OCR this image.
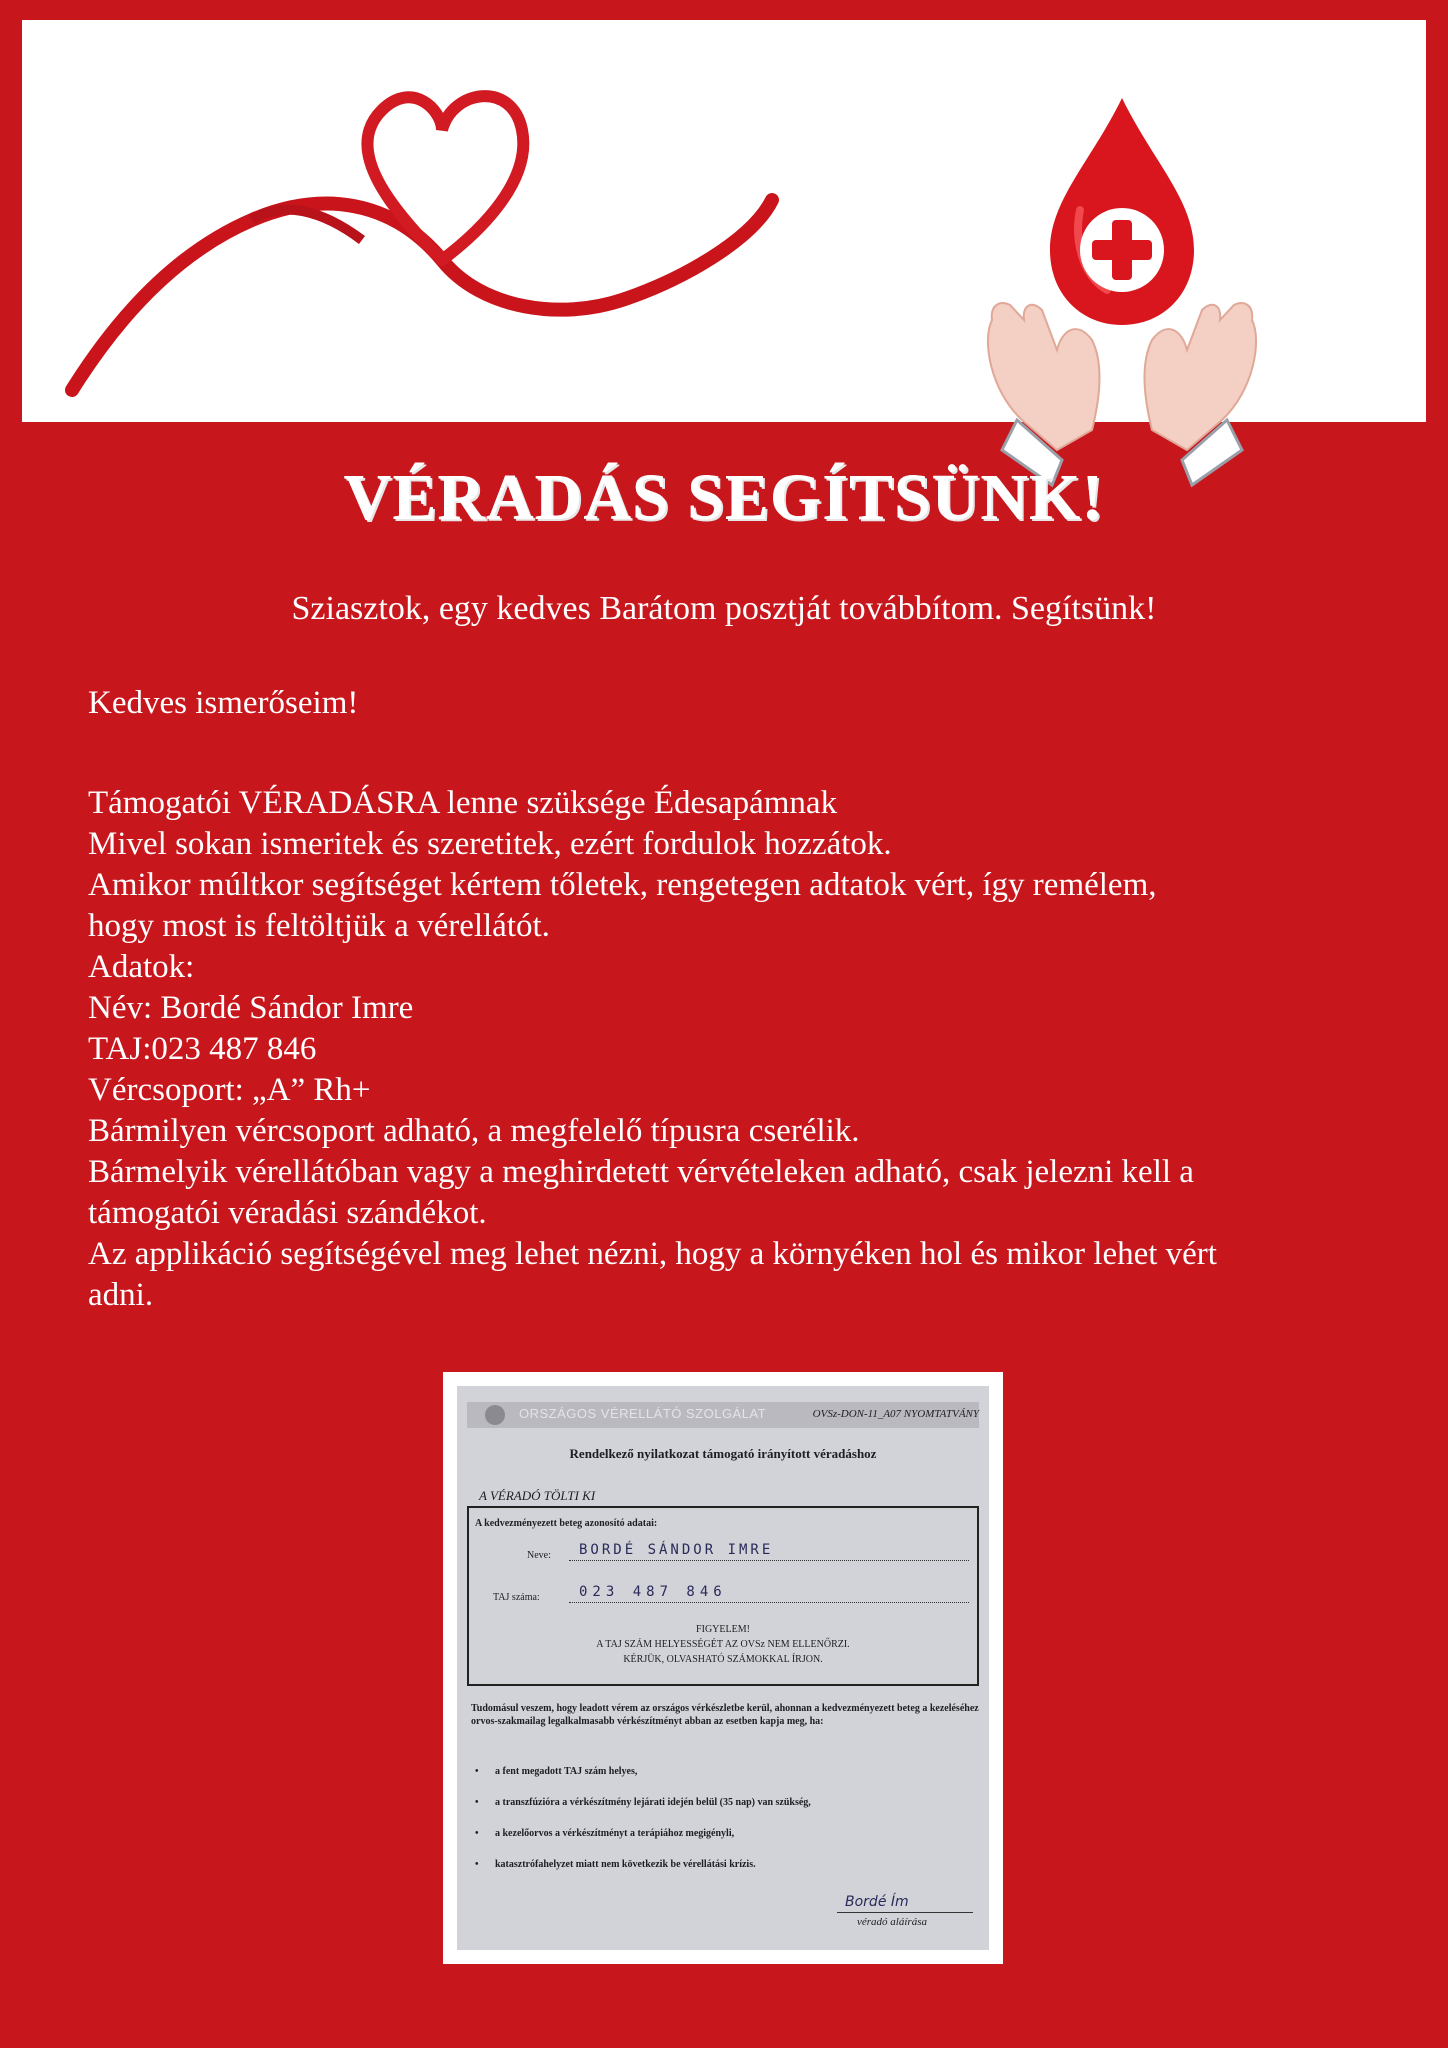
VÉRADÁS SEGÍTSÜNK!
Sziasztok, egy kedves Barátom posztját továbbítom. Segítsünk!

Kedves ismerőseim!

Támogatói VÉRADÁSRA lenne szüksége Édesapámnak

Mivel sokan ismeritek és szeretitek, ezért fordulok hozzátok.

Amikor múltkor segítséget kértem tőletek, rengetegen adtatok vért, így remélem,

hogy most is feltöltjük a vérellátót.

Adatok:

Név: Bordé Sándor Imre

TAJ:023 487 846

Vércsoport: „A” Rh+

Bármilyen vércsoport adható, a megfelelő típusra cserélik.

Bármelyik vérellátóban vagy a meghirdetett vérvételeken adható, csak jelezni kell a

támogatói véradási szándékot.

Az applikáció segítségével meg lehet nézni, hogy a környéken hol és mikor lehet vért

adni.

ORSZÁGOS VÉRELLÁTÓ SZOLGÁLAT	OVSz-DON-11_A07 NYOMTATVÁNY
Rendelkező nyilatkozat támogató irányított véradáshoz
A VÉRADÓ TÖLTI KI
A kedvezményezett beteg azonosító adatai:
Neve: BORDÉ SÁNDOR IMRE
TAJ száma:	023 487 846
FIGYELEM!
A TAJ SZÁM HELYESSÉGÉT AZ OVSz NEM ELLENŐRZI.
KÉRJÜK, OLVASHATÓ SZÁMOKKAL ÍRJON.
Tudomásul veszem, hogy leadott vérem az országos vérkészletbe kerül, ahonnan a kedvezményezett beteg a kezeléséhez orvos-szakmailag legalkalmasabb vérkészítményt abban az esetben kapja meg, ha:
•	a fent megadott TAJ szám helyes,
•	a transzfúzióra a vérkészítmény lejárati idején belül (35 nap) van szükség,
•	a kezelőorvos a vérkészítményt a terápiához megigényli,
•	katasztrófahelyzet miatt nem következik be vérellátási krízis.
Bordé Ím
véradó aláírása
